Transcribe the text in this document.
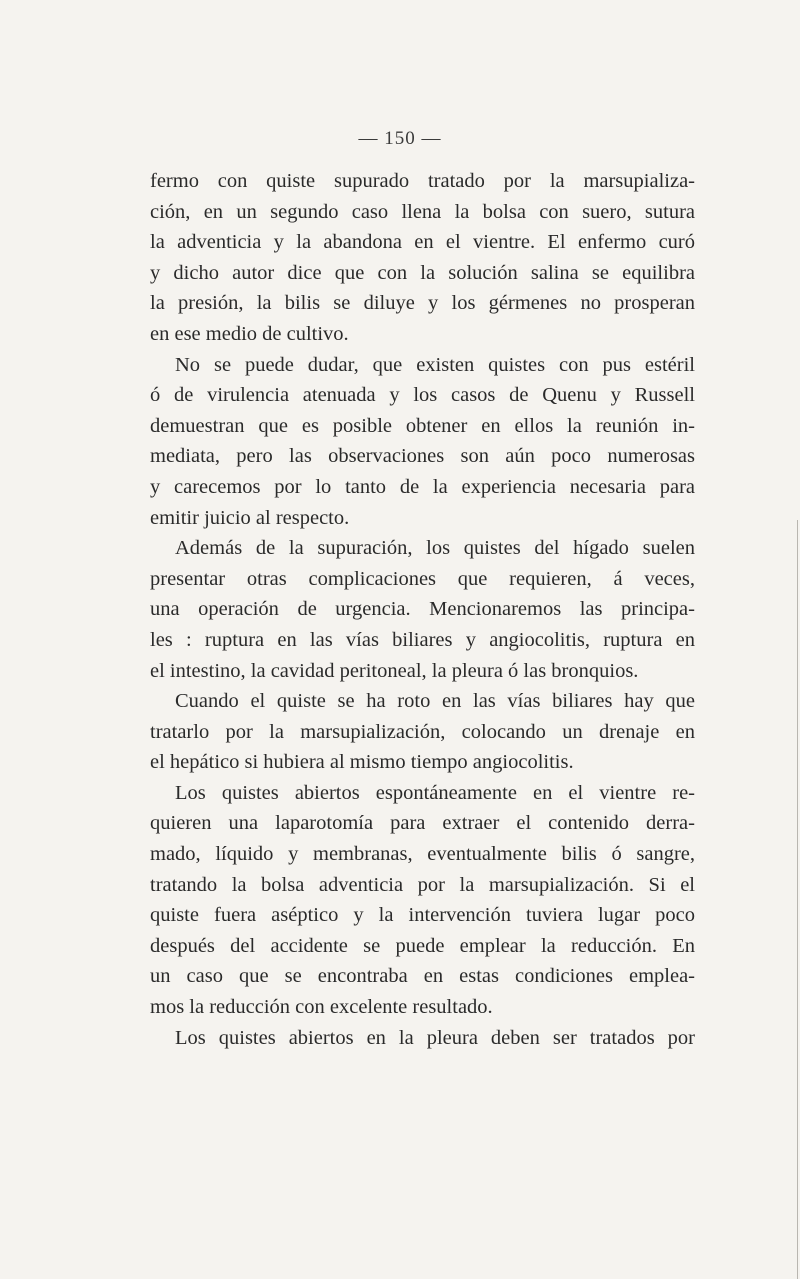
— 150 —
fermo con quiste supurado tratado por la marsupializa-
ción, en un segundo caso llena la bolsa con suero, sutura
la adventicia y la abandona en el vientre. El enfermo curó
y dicho autor dice que con la solución salina se equilibra
la presión, la bilis se diluye y los gérmenes no prosperan
en ese medio de cultivo.
No se puede dudar, que existen quistes con pus estéril
ó de virulencia atenuada y los casos de Quenu y Russell
demuestran que es posible obtener en ellos la reunión in-
mediata, pero las observaciones son aún poco numerosas
y carecemos por lo tanto de la experiencia necesaria para
emitir juicio al respecto.
Además de la supuración, los quistes del hígado suelen
presentar otras complicaciones que requieren, á veces,
una operación de urgencia. Mencionaremos las principa-
les : ruptura en las vías biliares y angiocolitis, ruptura en
el intestino, la cavidad peritoneal, la pleura ó las bronquios.
Cuando el quiste se ha roto en las vías biliares hay que
tratarlo por la marsupialización, colocando un drenaje en
el hepático si hubiera al mismo tiempo angiocolitis.
Los quistes abiertos espontáneamente en el vientre re-
quieren una laparotomía para extraer el contenido derra-
mado, líquido y membranas, eventualmente bilis ó sangre,
tratando la bolsa adventicia por la marsupialización. Si el
quiste fuera aséptico y la intervención tuviera lugar poco
después del accidente se puede emplear la reducción. En
un caso que se encontraba en estas condiciones emplea-
mos la reducción con excelente resultado.
Los quistes abiertos en la pleura deben ser tratados por
